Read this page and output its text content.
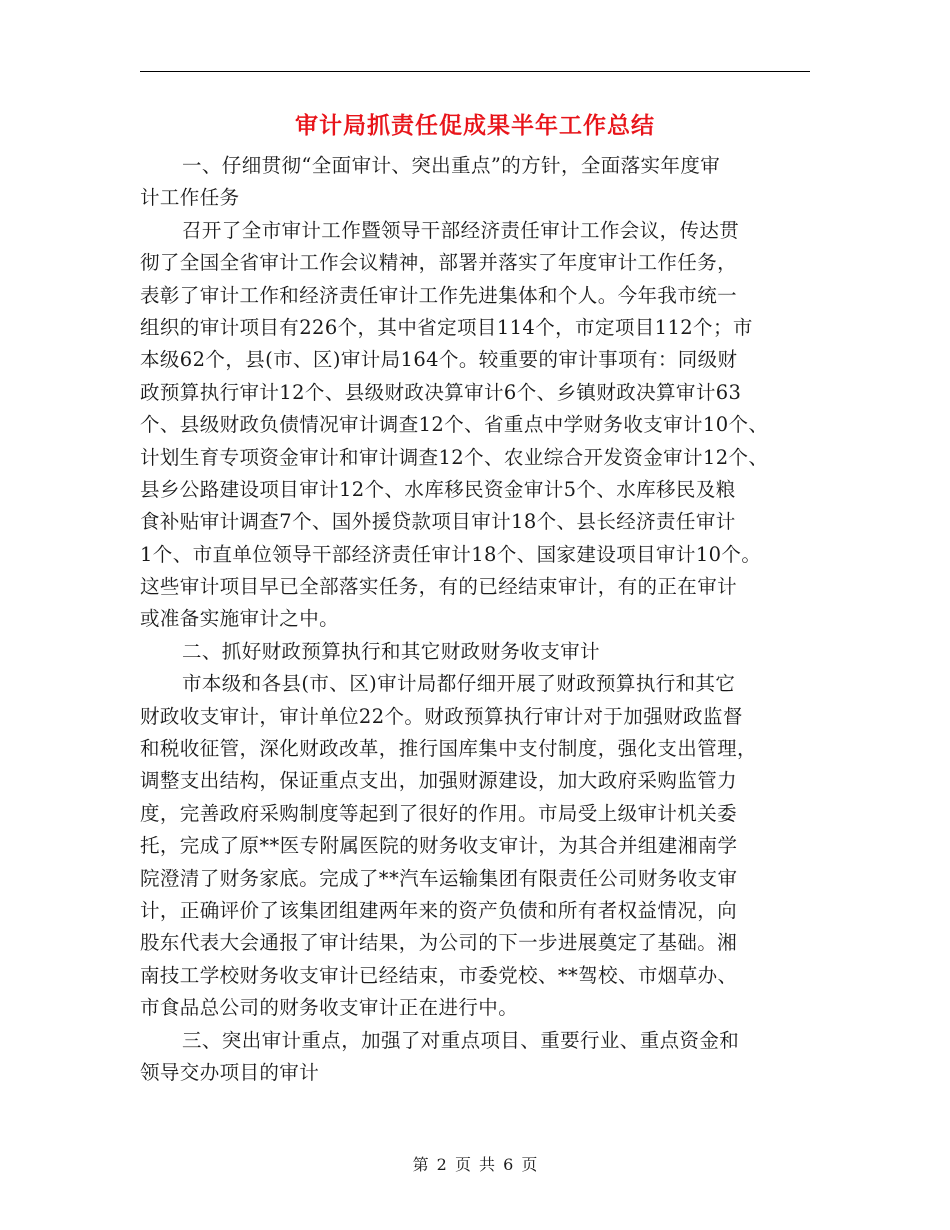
审计局抓责任促成果半年工作总结
一、仔细贯彻“全面审计、突出重点”的方针，全面落实年度审
计工作任务
召开了全市审计工作暨领导干部经济责任审计工作会议，传达贯
彻了全国全省审计工作会议精神，部署并落实了年度审计工作任务，
表彰了审计工作和经济责任审计工作先进集体和个人。今年我市统一
组织的审计项目有226个，其中省定项目114个，市定项目112个；市
本级62个，县(市、区)审计局164个。较重要的审计事项有：同级财
政预算执行审计12个、县级财政决算审计6个、乡镇财政决算审计63
个、县级财政负债情况审计调查12个、省重点中学财务收支审计10个、
计划生育专项资金审计和审计调查12个、农业综合开发资金审计12个、
县乡公路建设项目审计12个、水库移民资金审计5个、水库移民及粮
食补贴审计调查7个、国外援贷款项目审计18个、县长经济责任审计
1个、市直单位领导干部经济责任审计18个、国家建设项目审计10个。
这些审计项目早已全部落实任务，有的已经结束审计，有的正在审计
或准备实施审计之中。
二、抓好财政预算执行和其它财政财务收支审计
市本级和各县(市、区)审计局都仔细开展了财政预算执行和其它
财政收支审计，审计单位22个。财政预算执行审计对于加强财政监督
和税收征管，深化财政改革，推行国库集中支付制度，强化支出管理，
调整支出结构，保证重点支出，加强财源建设，加大政府采购监管力
度，完善政府采购制度等起到了很好的作用。市局受上级审计机关委
托，完成了原**医专附属医院的财务收支审计，为其合并组建湘南学
院澄清了财务家底。完成了**汽车运输集团有限责任公司财务收支审
计，正确评价了该集团组建两年来的资产负债和所有者权益情况，向
股东代表大会通报了审计结果，为公司的下一步进展奠定了基础。湘
南技工学校财务收支审计已经结束，市委党校、**驾校、市烟草办、
市食品总公司的财务收支审计正在进行中。
三、突出审计重点，加强了对重点项目、重要行业、重点资金和
领导交办项目的审计
第 2 页 共 6 页
